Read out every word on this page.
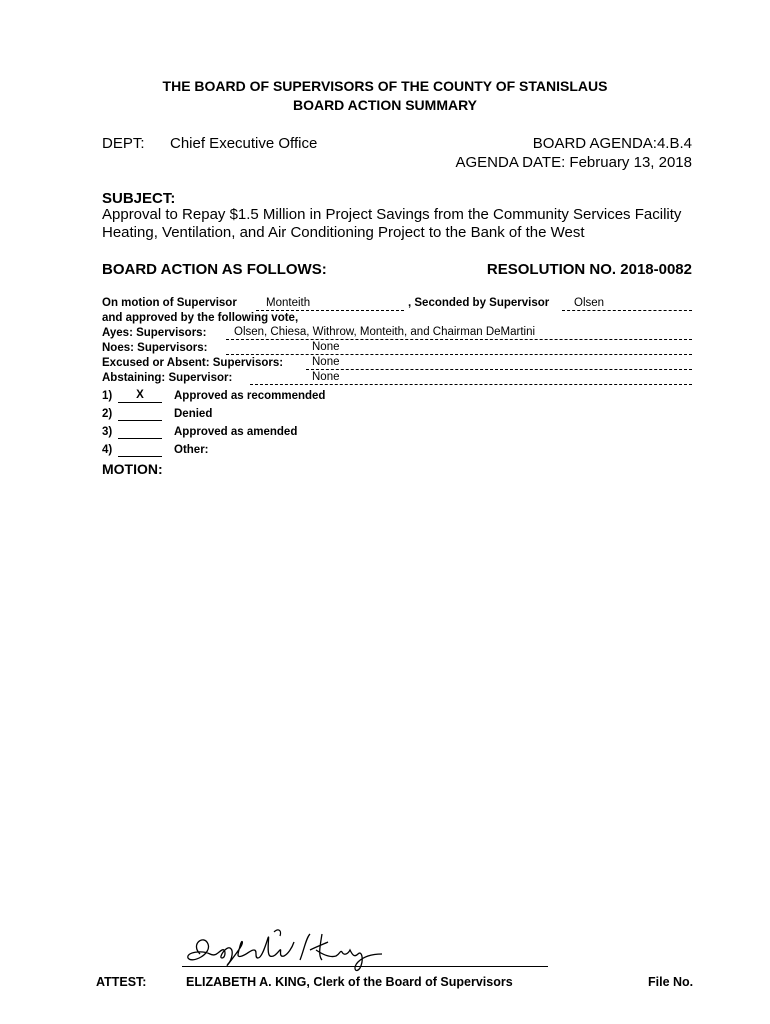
THE BOARD OF SUPERVISORS OF THE COUNTY OF STANISLAUS
BOARD ACTION SUMMARY
DEPT: Chief Executive Office	BOARD AGENDA:4.B.4
AGENDA DATE: February 13, 2018
SUBJECT:
Approval to Repay $1.5 Million in Project Savings from the Community Services Facility
Heating, Ventilation, and Air Conditioning Project to the Bank of the West
BOARD ACTION AS FOLLOWS:	RESOLUTION NO. 2018-0082
On motion of Supervisor	Monteith	, Seconded by Supervisor	Olsen
and approved by the following vote,
Ayes: Supervisors:	Olsen, Chiesa, Withrow, Monteith, and Chairman DeMartini
Noes: Supervisors:	None
Excused or Absent: Supervisors:	None
Abstaining: Supervisor:	None
1)	X	Approved as recommended
2)	Denied
3)	Approved as amended
4)	Other:
MOTION:
ATTEST:	ELIZABETH A. KING, Clerk of the Board of Supervisors	File No.
